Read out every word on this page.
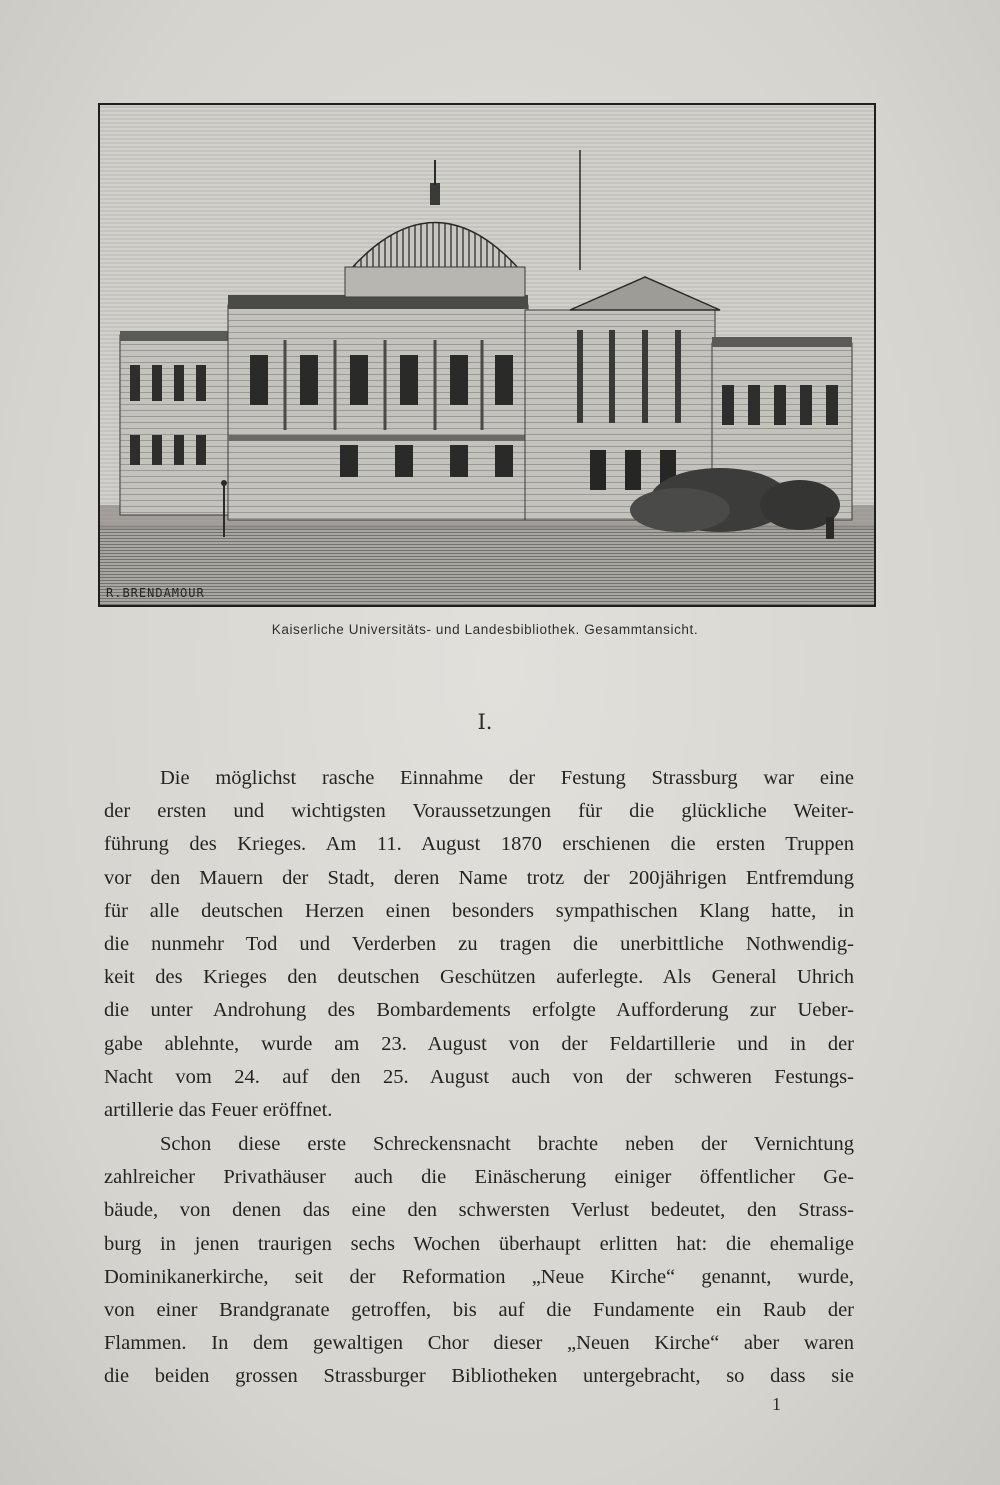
R.BRENDAMOUR
Kaiserliche Universitäts- und Landesbibliothek. Gesammtansicht.
I.

Die möglichst rasche Einnahme der Festung Strassburg war eine
der ersten und wichtigsten Voraussetzungen für die glückliche Weiter-
führung des Krieges. Am 11. August 1870 erschienen die ersten Truppen
vor den Mauern der Stadt, deren Name trotz der 200jährigen Entfremdung
für alle deutschen Herzen einen besonders sympathischen Klang hatte, in
die nunmehr Tod und Verderben zu tragen die unerbittliche Nothwendig-
keit des Krieges den deutschen Geschützen auferlegte. Als General Uhrich
die unter Androhung des Bombardements erfolgte Aufforderung zur Ueber-
gabe ablehnte, wurde am 23. August von der Feldartillerie und in der
Nacht vom 24. auf den 25. August auch von der schweren Festungs-
artillerie das Feuer eröffnet.

Schon diese erste Schreckensnacht brachte neben der Vernichtung
zahlreicher Privathäuser auch die Einäscherung einiger öffentlicher Ge-
bäude, von denen das eine den schwersten Verlust bedeutet, den Strass-
burg in jenen traurigen sechs Wochen überhaupt erlitten hat: die ehemalige
Dominikanerkirche, seit der Reformation „Neue Kirche“ genannt, wurde,
von einer Brandgranate getroffen, bis auf die Fundamente ein Raub der
Flammen. In dem gewaltigen Chor dieser „Neuen Kirche“ aber waren
die beiden grossen Strassburger Bibliotheken untergebracht, so dass sie

1
